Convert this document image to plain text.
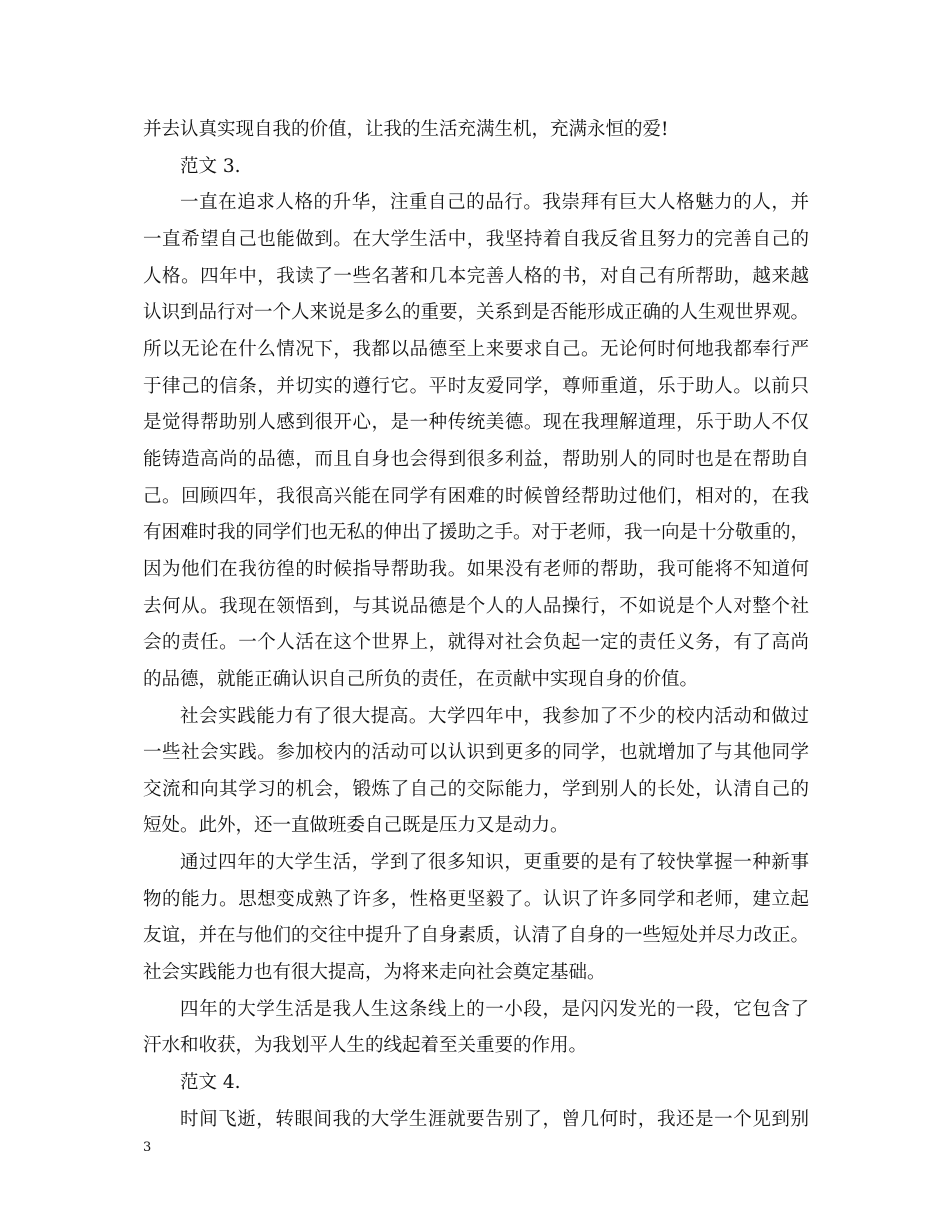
并去认真实现自我的价值，让我的生活充满生机，充满永恒的爱!
范文 3.
一直在追求人格的升华，注重自己的品行。我崇拜有巨大人格魅力的人，并
一直希望自己也能做到。在大学生活中，我坚持着自我反省且努力的完善自己的
人格。四年中，我读了一些名著和几本完善人格的书，对自己有所帮助，越来越
认识到品行对一个人来说是多么的重要，关系到是否能形成正确的人生观世界观。
所以无论在什么情况下，我都以品德至上来要求自己。无论何时何地我都奉行严
于律己的信条，并切实的遵行它。平时友爱同学，尊师重道，乐于助人。以前只
是觉得帮助别人感到很开心，是一种传统美德。现在我理解道理，乐于助人不仅
能铸造高尚的品德，而且自身也会得到很多利益，帮助别人的同时也是在帮助自
己。回顾四年，我很高兴能在同学有困难的时候曾经帮助过他们，相对的，在我
有困难时我的同学们也无私的伸出了援助之手。对于老师，我一向是十分敬重的，
因为他们在我彷徨的时候指导帮助我。如果没有老师的帮助，我可能将不知道何
去何从。我现在领悟到，与其说品德是个人的人品操行，不如说是个人对整个社
会的责任。一个人活在这个世界上，就得对社会负起一定的责任义务，有了高尚
的品德，就能正确认识自己所负的责任，在贡献中实现自身的价值。
社会实践能力有了很大提高。大学四年中，我参加了不少的校内活动和做过
一些社会实践。参加校内的活动可以认识到更多的同学，也就增加了与其他同学
交流和向其学习的机会，锻炼了自己的交际能力，学到别人的长处，认清自己的
短处。此外，还一直做班委自己既是压力又是动力。
通过四年的大学生活，学到了很多知识，更重要的是有了较快掌握一种新事
物的能力。思想变成熟了许多，性格更坚毅了。认识了许多同学和老师，建立起
友谊，并在与他们的交往中提升了自身素质，认清了自身的一些短处并尽力改正。
社会实践能力也有很大提高，为将来走向社会奠定基础。
四年的大学生活是我人生这条线上的一小段，是闪闪发光的一段，它包含了
汗水和收获，为我划平人生的线起着至关重要的作用。
范文 4.
时间飞逝，转眼间我的大学生涯就要告别了，曾几何时，我还是一个见到别
3
